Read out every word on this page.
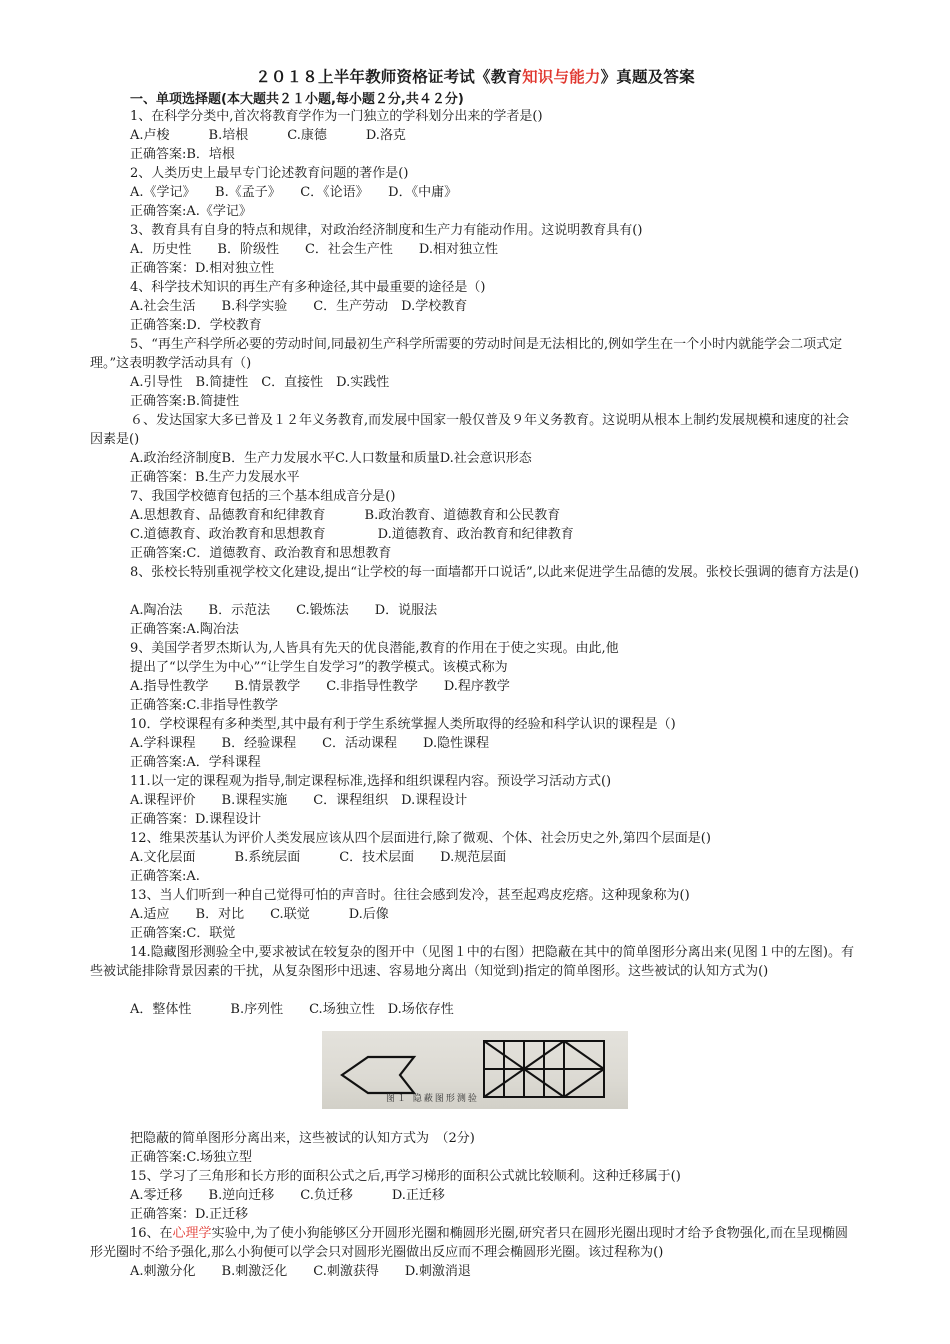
２０１８上半年教师资格证考试《教育知识与能力》真题及答案
一、单项选择题(本大题共２１小题,每小题２分,共４２分)
1、在科学分类中,首次将教育学作为一门独立的学科划分出来的学者是()
A.卢梭　　　B.培根　　　C.康德　　　D.洛克
正确答案:B．培根
2、人类历史上最早专门论述教育问题的著作是()
A.《学记》　　B.《孟子》　　C．《论语》　　D．《中庸》
正确答案:A.《学记》
3、教育具有自身的特点和规律，对政治经济制度和生产力有能动作用。这说明教育具有()
A．历史性　　B．阶级性　　C．社会生产性　　D.相对独立性
正确答案：D.相对独立性
4、科学技术知识的再生产有多种途径,其中最重要的途径是（)
A.社会生活　　B.科学实验　　C．生产劳动　D.学校教育
正确答案:D．学校教育
5、“再生产科学所必要的劳动时间,同最初生产科学所需要的劳动时间是无法相比的,例如学生在一个小时内就能学会二项式定理。”这表明教学活动具有（)
A.引导性　B.简捷性　C．直接性　D.实践性
正确答案:B.简捷性
６、发达国家大多已普及１２年义务教育,而发展中国家一般仅普及９年义务教育。这说明从根本上制约发展规模和速度的社会因素是()
A.政治经济制度B．生产力发展水平C.人口数量和质量D.社会意识形态
正确答案：B.生产力发展水平
7、我国学校德育包括的三个基本组成音分是()
A.思想教育、品德教育和纪律教育　　　B.政治教育、道德教育和公民教育
C.道德教育、政治教育和思想教育　　　　D.道德教育、政治教育和纪律教育
正确答案:C．道德教育、政治教育和思想教育
8、张校长特别重视学校文化建设,提出“让学校的每一面墙都开口说话”,以此来促进学生品德的发展。张校长强调的德育方法是()
A.陶冶法　　B．示范法　　C.锻炼法　　D．说服法
正确答案:A.陶冶法
9、美国学者罗杰斯认为,人皆具有先天的优良潜能,教育的作用在于使之实现。由此,他
提出了“以学生为中心”“让学生自发学习”的教学模式。该模式称为
A.指导性教学　　B.情景教学　　C.非指导性教学　　D.程序教学
正确答案:C.非指导性教学
10．学校课程有多种类型,其中最有利于学生系统掌握人类所取得的经验和科学认识的课程是（)
A.学科课程　　B．经验课程　　C．活动课程　　D.隐性课程
正确答案:A．学科课程
11.以一定的课程观为指导,制定课程标准,选择和组织课程内容。预设学习活动方式()
A.课程评价　　B.课程实施　　C．课程组织　D.课程设计
正确答案：D.课程设计
12、维果茨基认为评价人类发展应该从四个层面进行,除了微观、个体、社会历史之外,第四个层面是()
A.文化层面　　　B.系统层面　　　C．技术层面　　D.规范层面
正确答案:A.
13、当人们听到一种自己觉得可怕的声音时。往往会感到发冷，甚至起鸡皮疙瘩。这种现象称为()
A.适应　　B．对比　　C.联觉　　　D.后像
正确答案:C．联觉
14.隐藏图形测验全中,要求被试在较复杂的图开中（见图１中的右图）把隐蔽在其中的简单图形分离出来(见图１中的左图)。有些被试能排除背景因素的干扰，从复杂图形中迅速、容易地分离出（知觉到)指定的简单图形。这些被试的认知方式为()
A．整体性　　　B.序列性　　C.场独立性　D.场依存性
图１ 隐蔽图形测验
把隐蔽的简单图形分离出来，这些被试的认知方式为　（2分)
正确答案:C.场独立型
15、学习了三角形和长方形的面积公式之后,再学习梯形的面积公式就比较顺利。这种迁移属于()
A.零迁移　　B.逆向迁移　　C.负迁移　　　D.正迁移
正确答案：D.正迁移
16、在心理学实验中,为了使小狗能够区分开圆形光圈和椭圆形光圈,研究者只在圆形光圈出现时才给予食物强化,而在呈现椭圆形光圈时不给予强化,那么小狗便可以学会只对圆形光圈做出反应而不理会椭圆形光圈。该过程称为()
A.刺激分化　　B.刺激泛化　　C.刺激获得　　D.刺激消退
